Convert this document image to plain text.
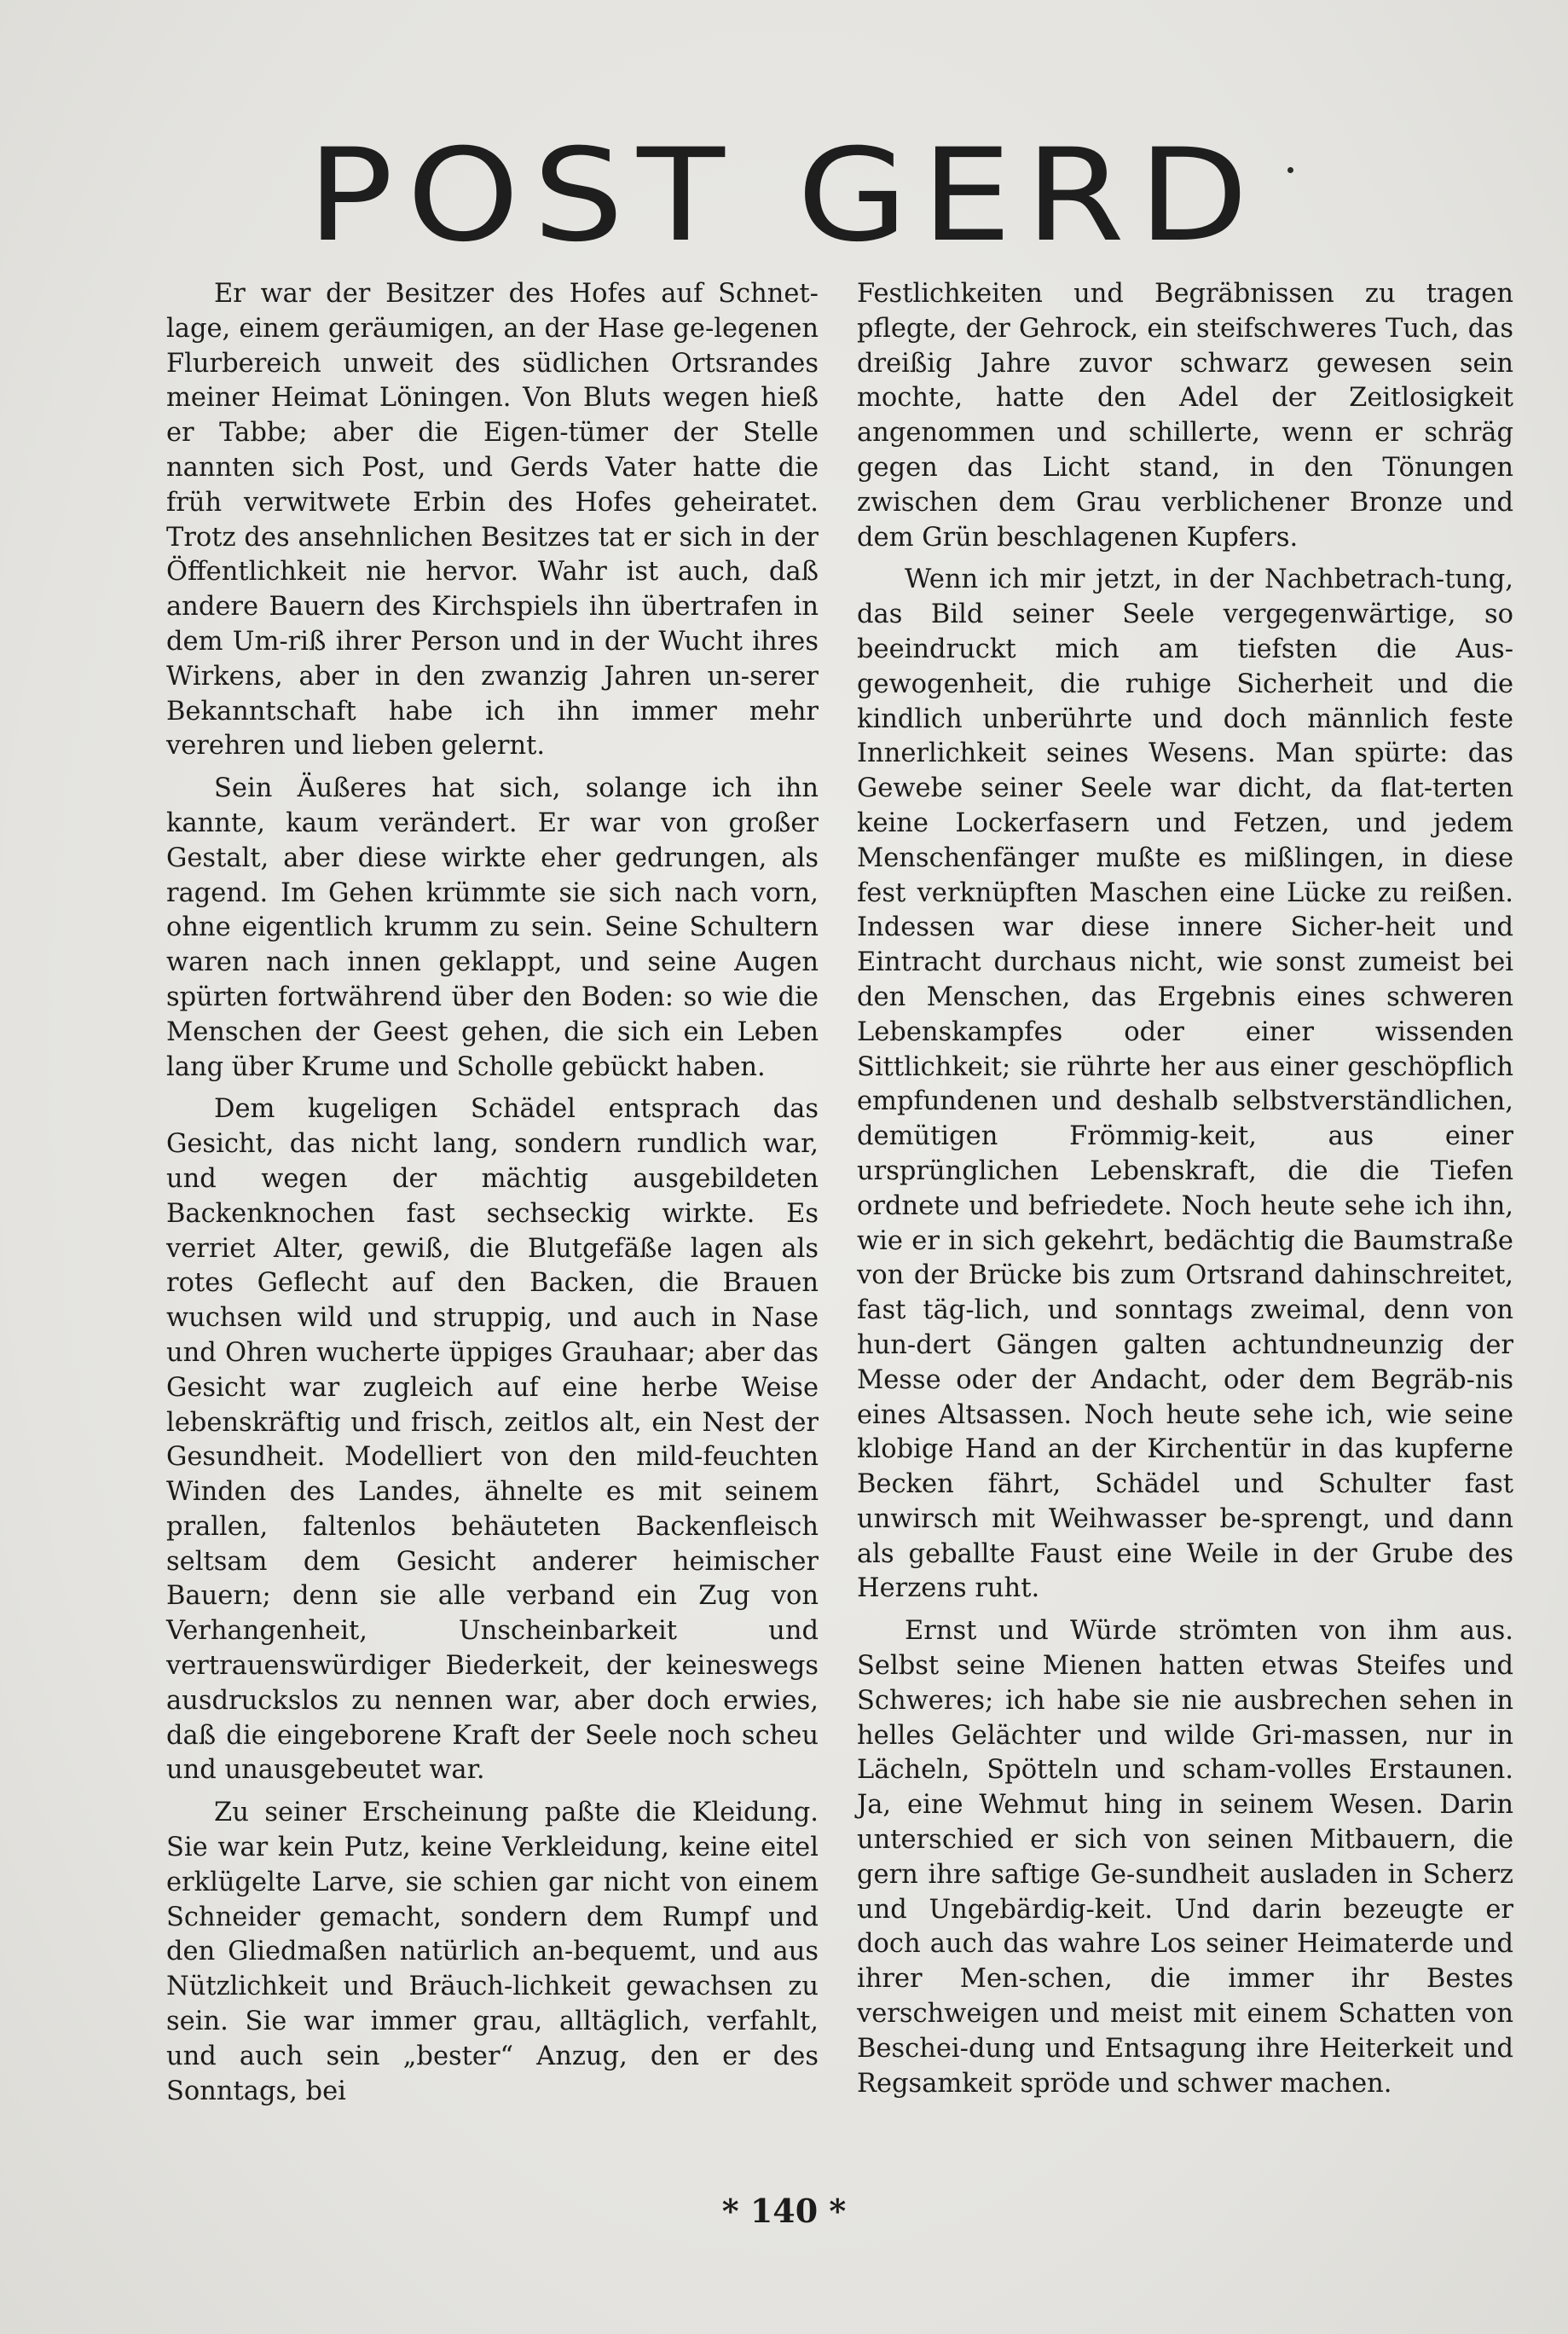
POST GERD

Er war der Besitzer des Hofes auf Schnet-lage, einem geräumigen, an der Hase ge-legenen Flurbereich unweit des südlichen Ortsrandes meiner Heimat Löningen. Von Bluts wegen hieß er Tabbe; aber die Eigen-tümer der Stelle nannten sich Post, und Gerds Vater hatte die früh verwitwete Erbin des Hofes geheiratet. Trotz des ansehnlichen Besitzes tat er sich in der Öffentlichkeit nie hervor. Wahr ist auch, daß andere Bauern des Kirchspiels ihn übertrafen in dem Um-riß ihrer Person und in der Wucht ihres Wirkens, aber in den zwanzig Jahren un-serer Bekanntschaft habe ich ihn immer mehr verehren und lieben gelernt.

Sein Äußeres hat sich, solange ich ihn kannte, kaum verändert. Er war von großer Gestalt, aber diese wirkte eher gedrungen, als ragend. Im Gehen krümmte sie sich nach vorn, ohne eigentlich krumm zu sein. Seine Schultern waren nach innen geklappt, und seine Augen spürten fortwährend über den Boden: so wie die Menschen der Geest gehen, die sich ein Leben lang über Krume und Scholle gebückt haben.

Dem kugeligen Schädel entsprach das Gesicht, das nicht lang, sondern rundlich war, und wegen der mächtig ausgebildeten Backenknochen fast sechseckig wirkte. Es verriet Alter, gewiß, die Blutgefäße lagen als rotes Geflecht auf den Backen, die Brauen wuchsen wild und struppig, und auch in Nase und Ohren wucherte üppiges Grauhaar; aber das Gesicht war zugleich auf eine herbe Weise lebenskräftig und frisch, zeitlos alt, ein Nest der Gesundheit. Modelliert von den mild-feuchten Winden des Landes, ähnelte es mit seinem prallen, faltenlos behäuteten Backenfleisch seltsam dem Gesicht anderer heimischer Bauern; denn sie alle verband ein Zug von Verhangenheit, Unscheinbarkeit und vertrauenswürdiger Biederkeit, der keineswegs ausdruckslos zu nennen war, aber doch erwies, daß die eingeborene Kraft der Seele noch scheu und unausgebeutet war.

Zu seiner Erscheinung paßte die Kleidung. Sie war kein Putz, keine Verkleidung, keine eitel erklügelte Larve, sie schien gar nicht von einem Schneider gemacht, sondern dem Rumpf und den Gliedmaßen natürlich an-bequemt, und aus Nützlichkeit und Bräuch-lichkeit gewachsen zu sein. Sie war immer grau, alltäglich, verfahlt, und auch sein „bester“ Anzug, den er des Sonntags, bei

Festlichkeiten und Begräbnissen zu tragen pflegte, der Gehrock, ein steifschweres Tuch, das dreißig Jahre zuvor schwarz gewesen sein mochte, hatte den Adel der Zeitlosigkeit angenommen und schillerte, wenn er schräg gegen das Licht stand, in den Tönungen zwischen dem Grau verblichener Bronze und dem Grün beschlagenen Kupfers.

Wenn ich mir jetzt, in der Nachbetrach-tung, das Bild seiner Seele vergegenwärtige, so beeindruckt mich am tiefsten die Aus-gewogenheit, die ruhige Sicherheit und die kindlich unberührte und doch männlich feste Innerlichkeit seines Wesens. Man spürte: das Gewebe seiner Seele war dicht, da flat-terten keine Lockerfasern und Fetzen, und jedem Menschenfänger mußte es mißlingen, in diese fest verknüpften Maschen eine Lücke zu reißen. Indessen war diese innere Sicher-heit und Eintracht durchaus nicht, wie sonst zumeist bei den Menschen, das Ergebnis eines schweren Lebenskampfes oder einer wissenden Sittlichkeit; sie rührte her aus einer geschöpflich empfundenen und deshalb selbstverständlichen, demütigen Frömmig-keit, aus einer ursprünglichen Lebenskraft, die die Tiefen ordnete und befriedete. Noch heute sehe ich ihn, wie er in sich gekehrt, bedächtig die Baumstraße von der Brücke bis zum Ortsrand dahinschreitet, fast täg-lich, und sonntags zweimal, denn von hun-dert Gängen galten achtundneunzig der Messe oder der Andacht, oder dem Begräb-nis eines Altsassen. Noch heute sehe ich, wie seine klobige Hand an der Kirchentür in das kupferne Becken fährt, Schädel und Schulter fast unwirsch mit Weihwasser be-sprengt, und dann als geballte Faust eine Weile in der Grube des Herzens ruht.

Ernst und Würde strömten von ihm aus. Selbst seine Mienen hatten etwas Steifes und Schweres; ich habe sie nie ausbrechen sehen in helles Gelächter und wilde Gri-massen, nur in Lächeln, Spötteln und scham-volles Erstaunen. Ja, eine Wehmut hing in seinem Wesen. Darin unterschied er sich von seinen Mitbauern, die gern ihre saftige Ge-sundheit ausladen in Scherz und Ungebärdig-keit. Und darin bezeugte er doch auch das wahre Los seiner Heimaterde und ihrer Men-schen, die immer ihr Bestes verschweigen und meist mit einem Schatten von Beschei-dung und Entsagung ihre Heiterkeit und Regsamkeit spröde und schwer machen.

* 140 *
